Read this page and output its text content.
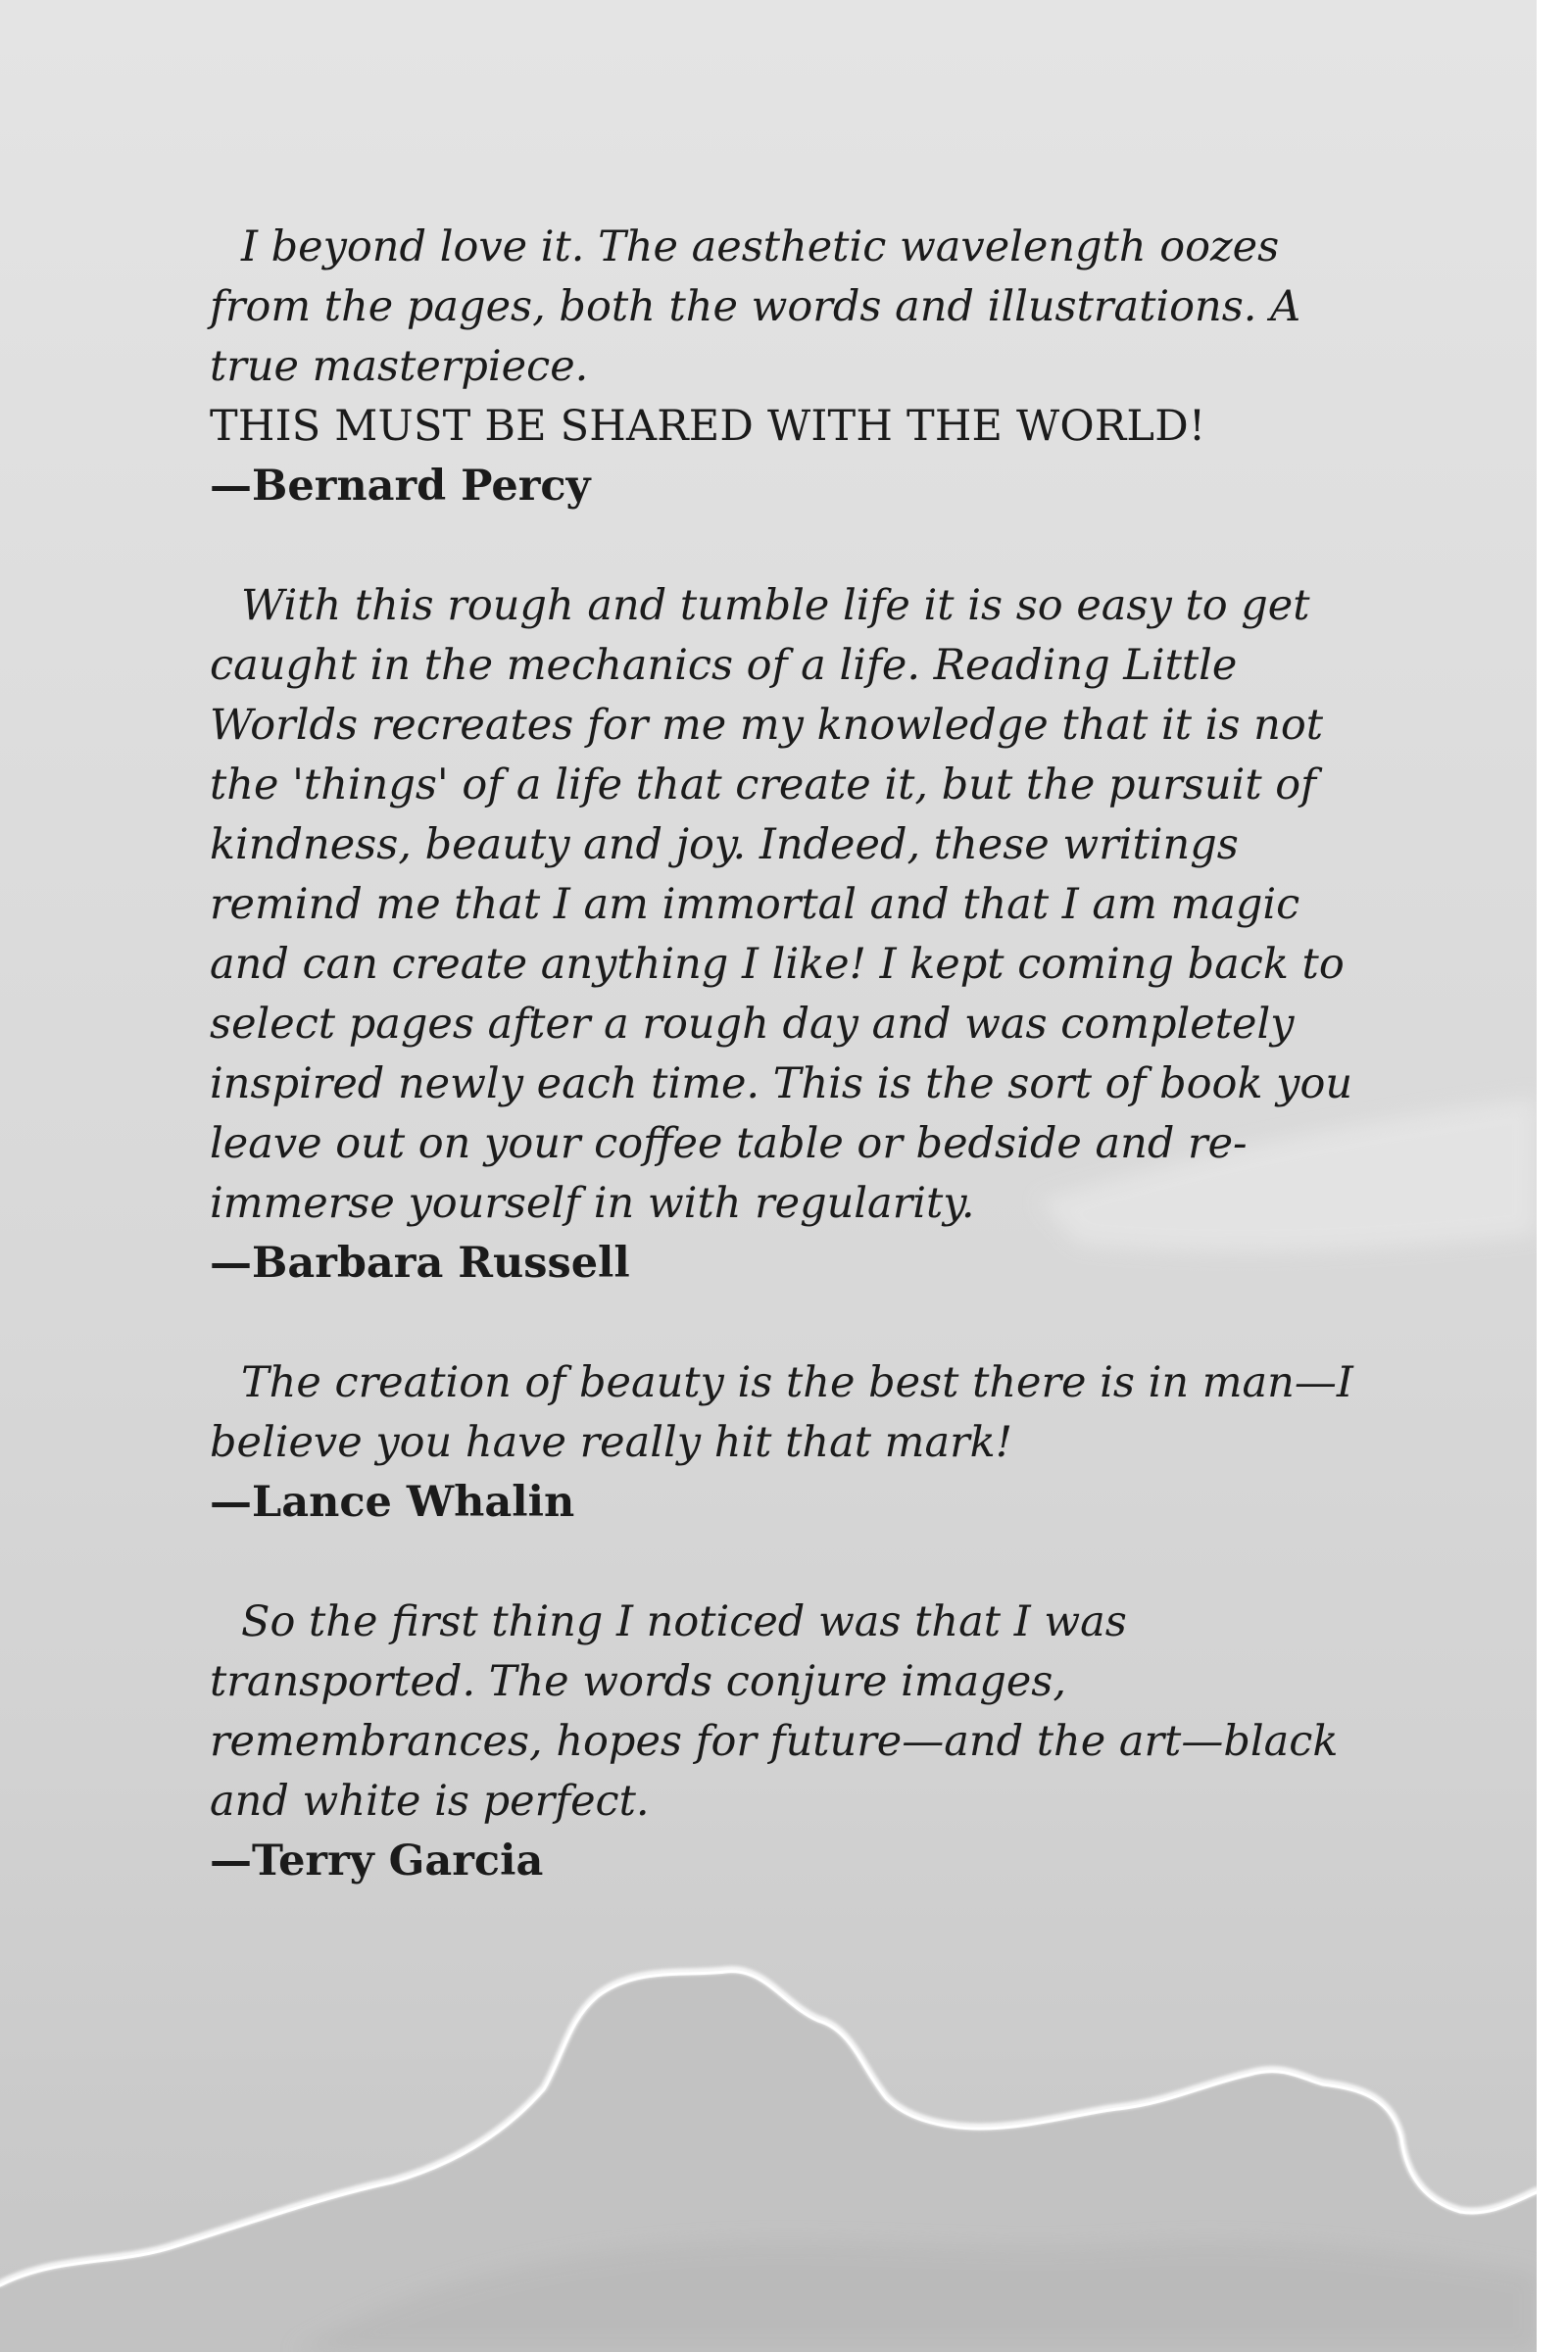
I beyond love it. The aesthetic wavelength oozes from the pages, both the words and illustrations. A true masterpiece.

THIS MUST BE SHARED WITH THE WORLD!

—Bernard Percy

With this rough and tumble life it is so easy to get caught in the mechanics of a life. Reading Little Worlds recreates for me my knowledge that it is not the 'things' of a life that create it, but the pursuit of kindness, beauty and joy. Indeed, these writings remind me that I am immortal and that I am magic and can create anything I like! I kept coming back to select pages after a rough day and was completely inspired newly each time. This is the sort of book you leave out on your coffee table or bedside and re-immerse yourself in with regularity.

—Barbara Russell

The creation of beauty is the best there is in man—I believe you have really hit that mark!

—Lance Whalin

So the first thing I noticed was that I was transported. The words conjure images, remembrances, hopes for future—and the art—black and white is perfect.

—Terry Garcia
